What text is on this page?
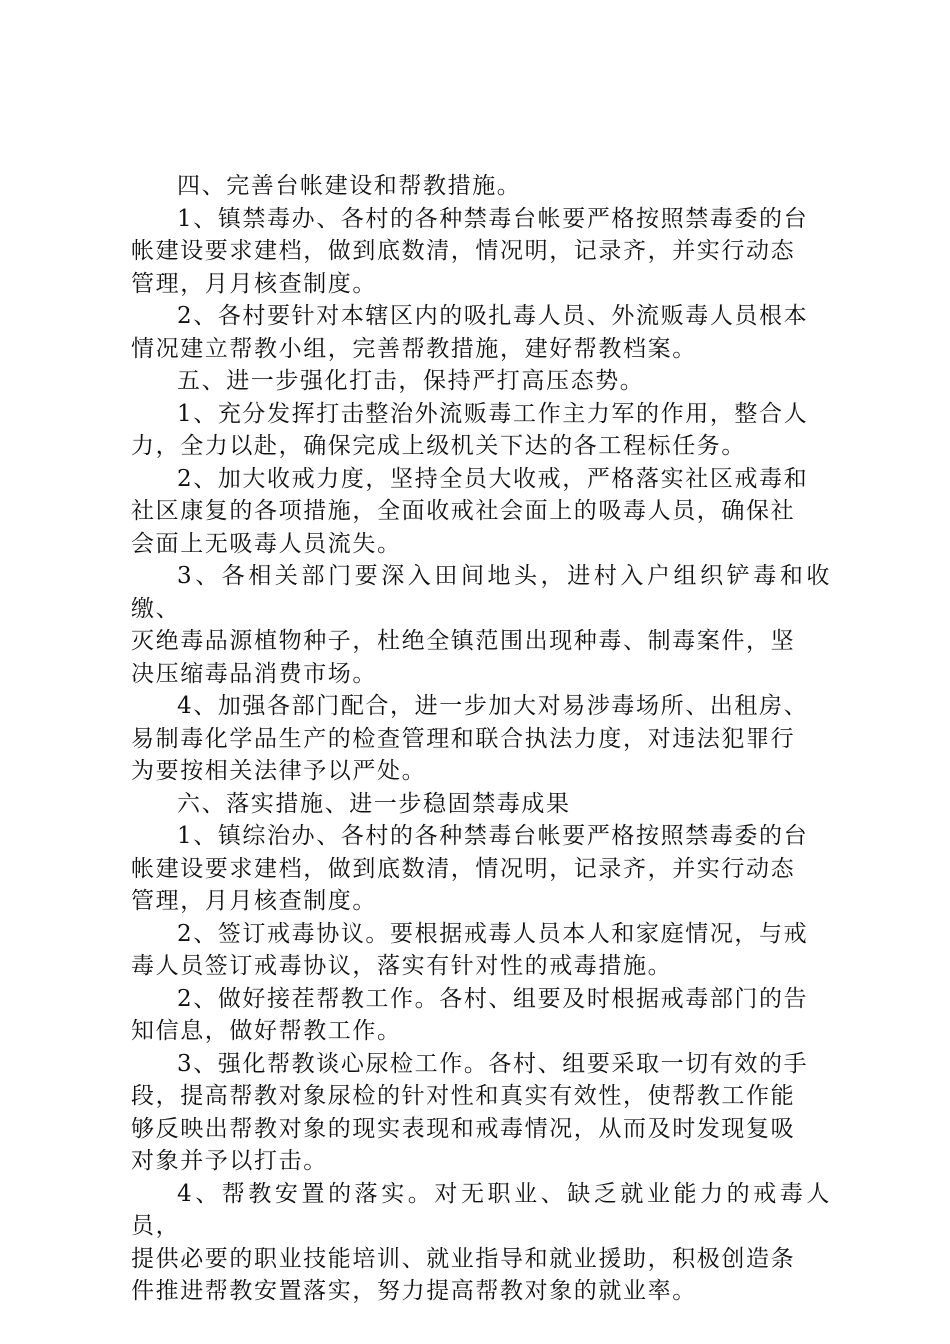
四、完善台帐建设和帮教措施。

1、镇禁毒办、各村的各种禁毒台帐要严格按照禁毒委的台
帐建设要求建档，做到底数清，情况明，记录齐，并实行动态
管理，月月核查制度。

2、各村要针对本辖区内的吸扎毒人员、外流贩毒人员根本
情况建立帮教小组，完善帮教措施，建好帮教档案。

五、进一步强化打击，保持严打高压态势。

1、充分发挥打击整治外流贩毒工作主力军的作用，整合人
力，全力以赴，确保完成上级机关下达的各工程标任务。

2、加大收戒力度，坚持全员大收戒，严格落实社区戒毒和
社区康复的各项措施，全面收戒社会面上的吸毒人员，确保社
会面上无吸毒人员流失。

3、各相关部门要深入田间地头，进村入户组织铲毒和收缴、
灭绝毒品源植物种子，杜绝全镇范围出现种毒、制毒案件，坚
决压缩毒品消费市场。

4、加强各部门配合，进一步加大对易涉毒场所、出租房、
易制毒化学品生产的检查管理和联合执法力度，对违法犯罪行
为要按相关法律予以严处。

六、落实措施、进一步稳固禁毒成果

1、镇综治办、各村的各种禁毒台帐要严格按照禁毒委的台
帐建设要求建档，做到底数清，情况明，记录齐，并实行动态
管理，月月核查制度。

2、签订戒毒协议。要根据戒毒人员本人和家庭情况，与戒
毒人员签订戒毒协议，落实有针对性的戒毒措施。

2、做好接茬帮教工作。各村、组要及时根据戒毒部门的告
知信息，做好帮教工作。

3、强化帮教谈心尿检工作。各村、组要采取一切有效的手
段，提高帮教对象尿检的针对性和真实有效性，使帮教工作能
够反映出帮教对象的现实表现和戒毒情况，从而及时发现复吸
对象并予以打击。

4、帮教安置的落实。对无职业、缺乏就业能力的戒毒人员，
提供必要的职业技能培训、就业指导和就业援助，积极创造条
件推进帮教安置落实，努力提高帮教对象的就业率。
